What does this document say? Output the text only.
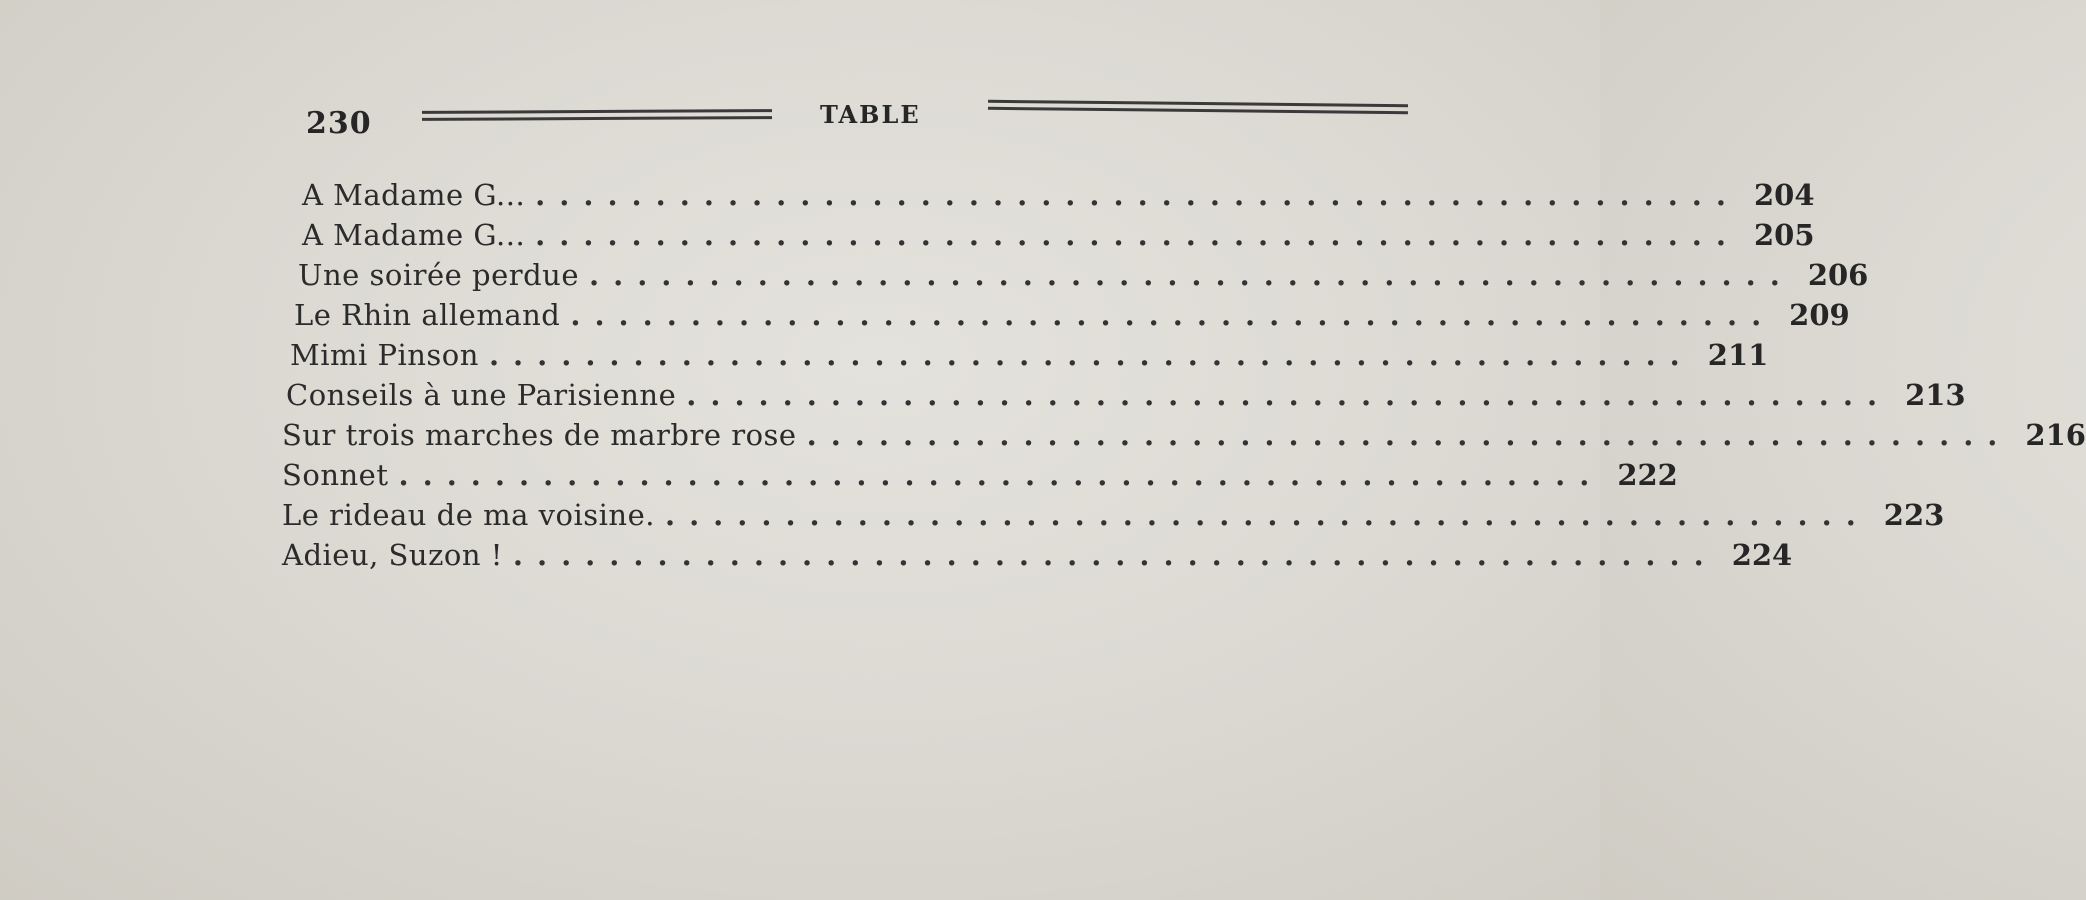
230	TABLE
A Madame G... .................................................. 204
A Madame G... .................................................. 205
Une soirée perdue .................................................. 206
Le Rhin allemand .................................................. 209
Mimi Pinson .................................................. 211
Conseils à une Parisienne .................................................. 213
Sur trois marches de marbre rose .................................................. 216
Sonnet .................................................. 222
Le rideau de ma voisine. .................................................. 223
Adieu, Suzon ! .................................................. 224
